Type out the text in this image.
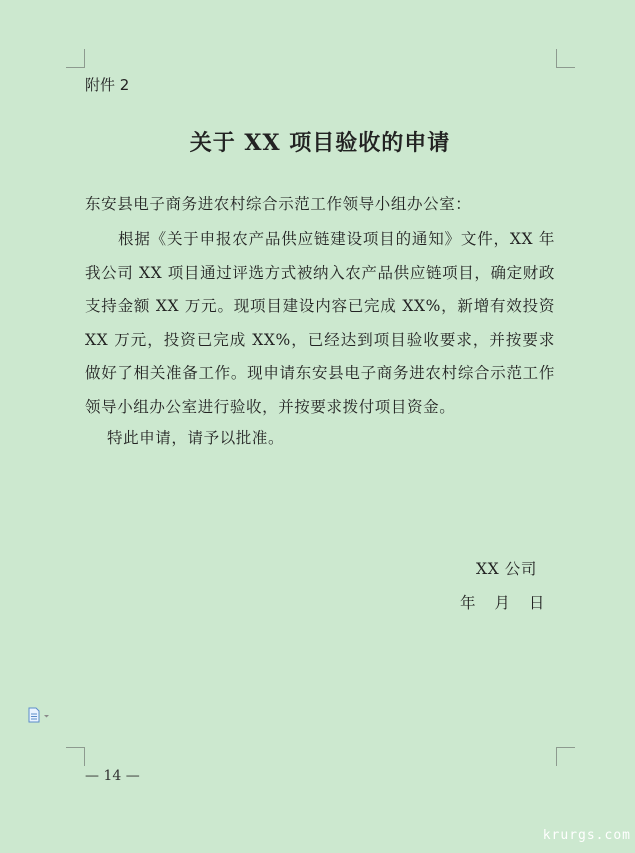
附件 2
关于 XX 项目验收的申请
东安县电子商务进农村综合示范工作领导小组办公室：
根据《关于申报农产品供应链建设项目的通知》文件，XX 年我公司 XX 项目通过评选方式被纳入农产品供应链项目，确定财政支持金额 XX 万元。现项目建设内容已完成 XX%，新增有效投资 XX 万元，投资已完成 XX%，已经达到项目验收要求，并按要求做好了相关准备工作。现申请东安县电子商务进农村综合示范工作领导小组办公室进行验收，并按要求拨付项目资金。
特此申请，请予以批准。
XX 公司
年 月 日
— 14 —
krurgs.com
